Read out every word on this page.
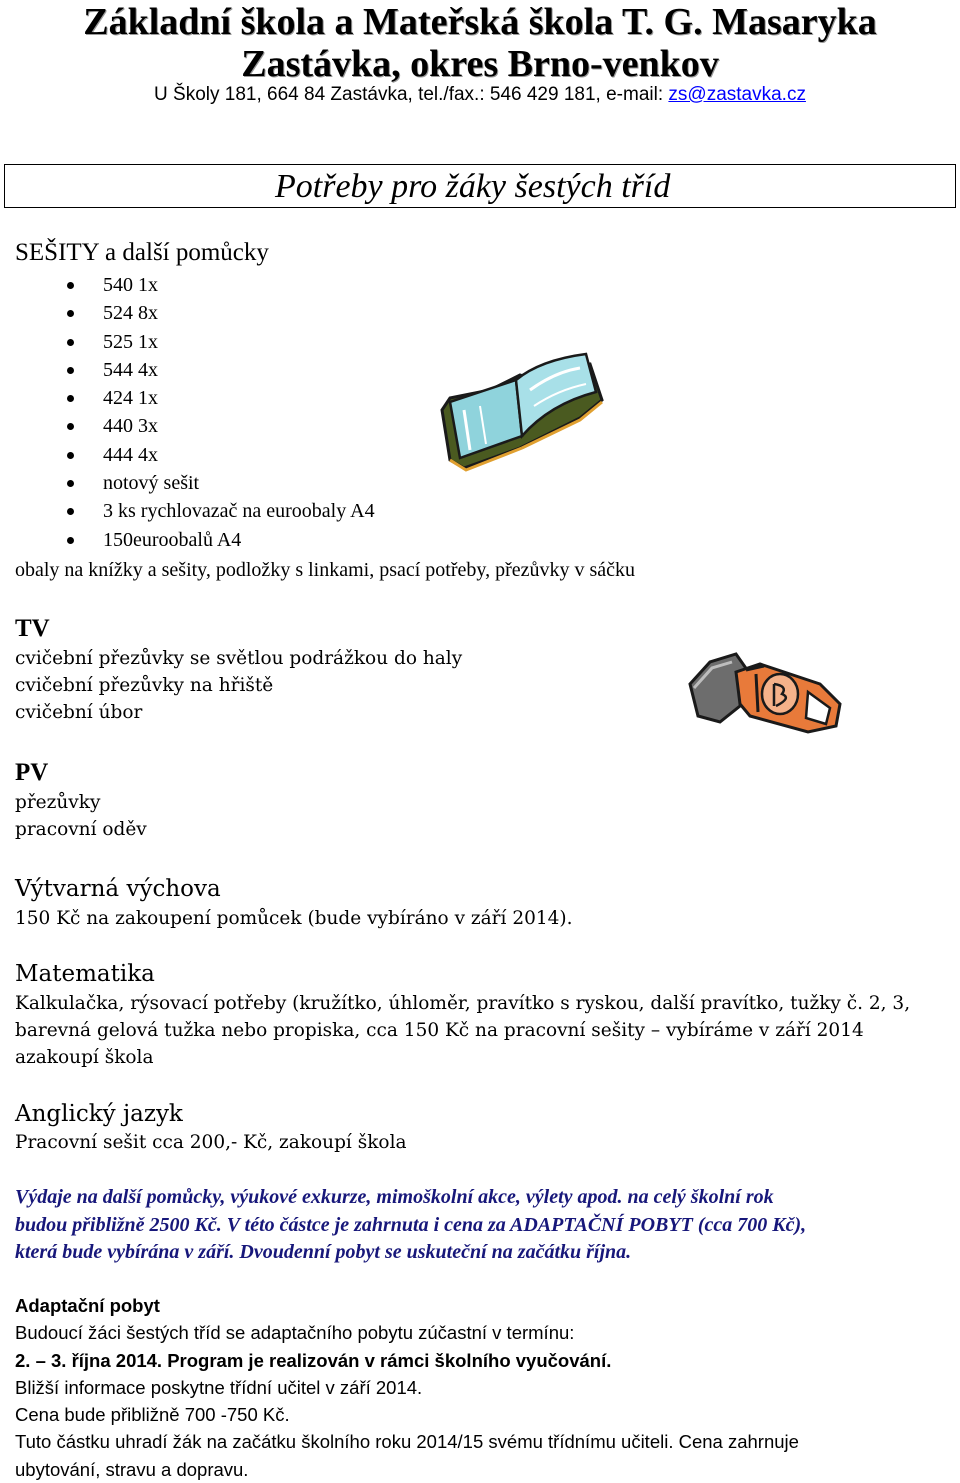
Základní škola a Mateřská škola T. G. Masaryka
Zastávka, okres Brno-venkov
U Školy 181, 664 84 Zastávka, tel./fax.: 546 429 181, e-mail: zs@zastavka.cz
Potřeby pro žáky šestých tříd
SEŠITY a další pomůcky
540 1x
524 8x
525 1x
544 4x
424 1x
440 3x
444 4x
notový sešit
3 ks rychlovazač na euroobaly A4
150euroobalů A4
obaly na knížky a sešity, podložky s linkami, psací potřeby, přezůvky v sáčku
TV
cvičební přezůvky se světlou podrážkou do haly
cvičební přezůvky na hřiště
cvičební úbor
PV
přezůvky
pracovní oděv
Výtvarná výchova
150 Kč na zakoupení pomůcek (bude vybíráno v září 2014).
Matematika
Kalkulačka, rýsovací potřeby (kružítko, úhloměr, pravítko s ryskou, další pravítko, tužky č. 2, 3,
barevná gelová tužka nebo propiska, cca 150 Kč na pracovní sešity – vybíráme v září 2014
azakoupí škola
Anglický jazyk
Pracovní sešit cca 200,- Kč, zakoupí škola
Výdaje na další pomůcky, výukové exkurze, mimoškolní akce, výlety apod. na celý školní rok
budou přibližně 2500 Kč. V této částce je zahrnuta i cena za ADAPTAČNÍ POBYT (cca 700 Kč),
která bude vybírána v září. Dvoudenní pobyt se uskuteční na začátku října.
Adaptační pobyt
Budoucí žáci šestých tříd se adaptačního pobytu zúčastní v termínu:
2. – 3. října 2014. Program je realizován v rámci školního vyučování.
Bližší informace poskytne třídní učitel v září 2014.
Cena bude přibližně 700 -750 Kč.
Tuto částku uhradí žák na začátku školního roku 2014/15 svému třídnímu učiteli. Cena zahrnuje
ubytování, stravu a dopravu.
